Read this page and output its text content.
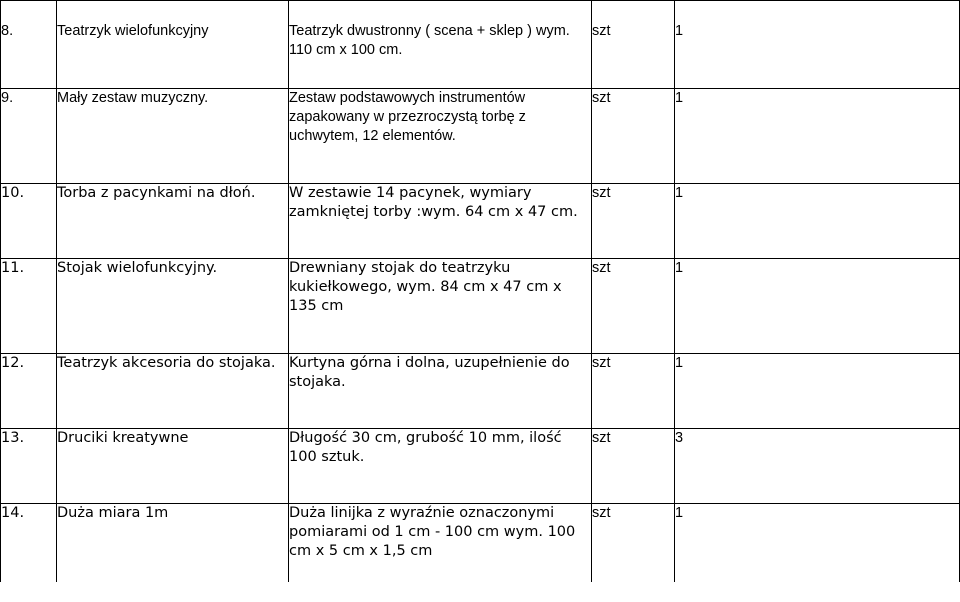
8.	Teatrzyk wielofunkcyjny	Teatrzyk dwustronny ( scena + sklep ) wym. 110 cm x 100 cm.	szt	1
9.	Mały zestaw muzyczny.	Zestaw podstawowych instrumentów zapakowany w przezroczystą torbę z uchwytem, 12 elementów.	szt	1
10.	Torba z pacynkami na dłoń.	W zestawie 14 pacynek, wymiary zamkniętej torby :wym. 64 cm x 47 cm.	szt	1
11.	Stojak wielofunkcyjny.	Drewniany stojak do teatrzyku kukiełkowego, wym. 84 cm x 47 cm x 135 cm	szt	1
12.	Teatrzyk akcesoria do stojaka.	Kurtyna górna i dolna, uzupełnienie do stojaka.	szt	1
13.	Druciki kreatywne	Długość 30 cm, grubość 10 mm, ilość 100 sztuk.	szt	3
14.	Duża miara 1m	Duża linijka z wyraźnie oznaczonymi pomiarami od 1 cm - 100 cm wym. 100 cm x 5 cm x 1,5 cm	szt	1
